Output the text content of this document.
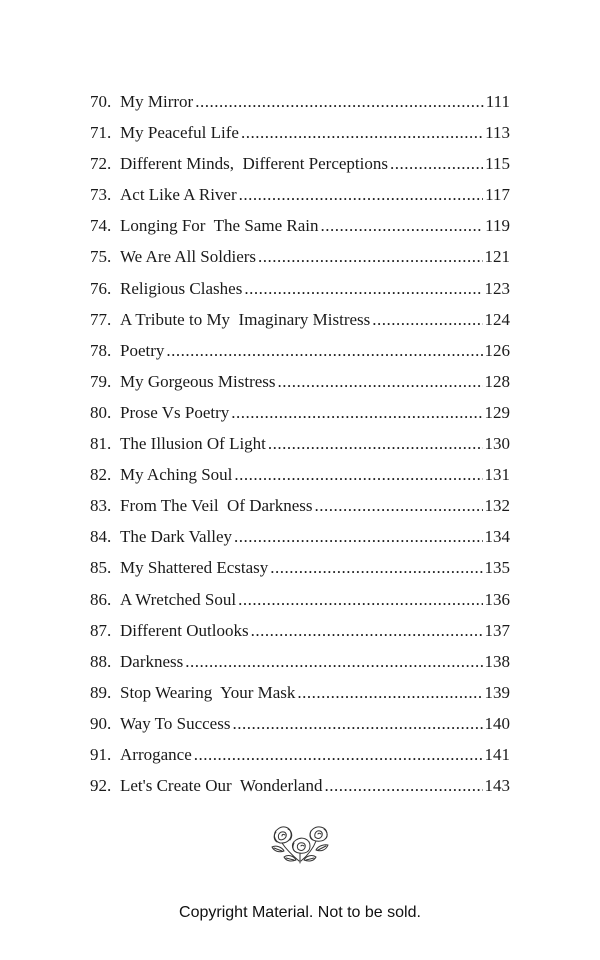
70. My Mirror .....	111
71. My Peaceful Life .....	113
72. Different Minds,  Different Perceptions .....	115
73. Act Like A River .....	117
74. Longing For  The Same Rain .....	119
75. We Are All Soldiers .....	121
76. Religious Clashes .....	123
77. A Tribute to My  Imaginary Mistress .....	124
78. Poetry .....	126
79. My Gorgeous Mistress .....	128
80. Prose Vs Poetry .....	129
81. The Illusion Of Light .....	130
82. My Aching Soul .....	131
83. From The Veil  Of Darkness .....	132
84. The Dark Valley .....	134
85. My Shattered Ecstasy .....	135
86. A Wretched Soul .....	136
87. Different Outlooks .....	137
88. Darkness .....	138
89. Stop Wearing  Your Mask .....	139
90. Way To Success .....	140
91. Arrogance .....	141
92. Let's Create Our  Wonderland .....	143
Copyright Material. Not to be sold.
